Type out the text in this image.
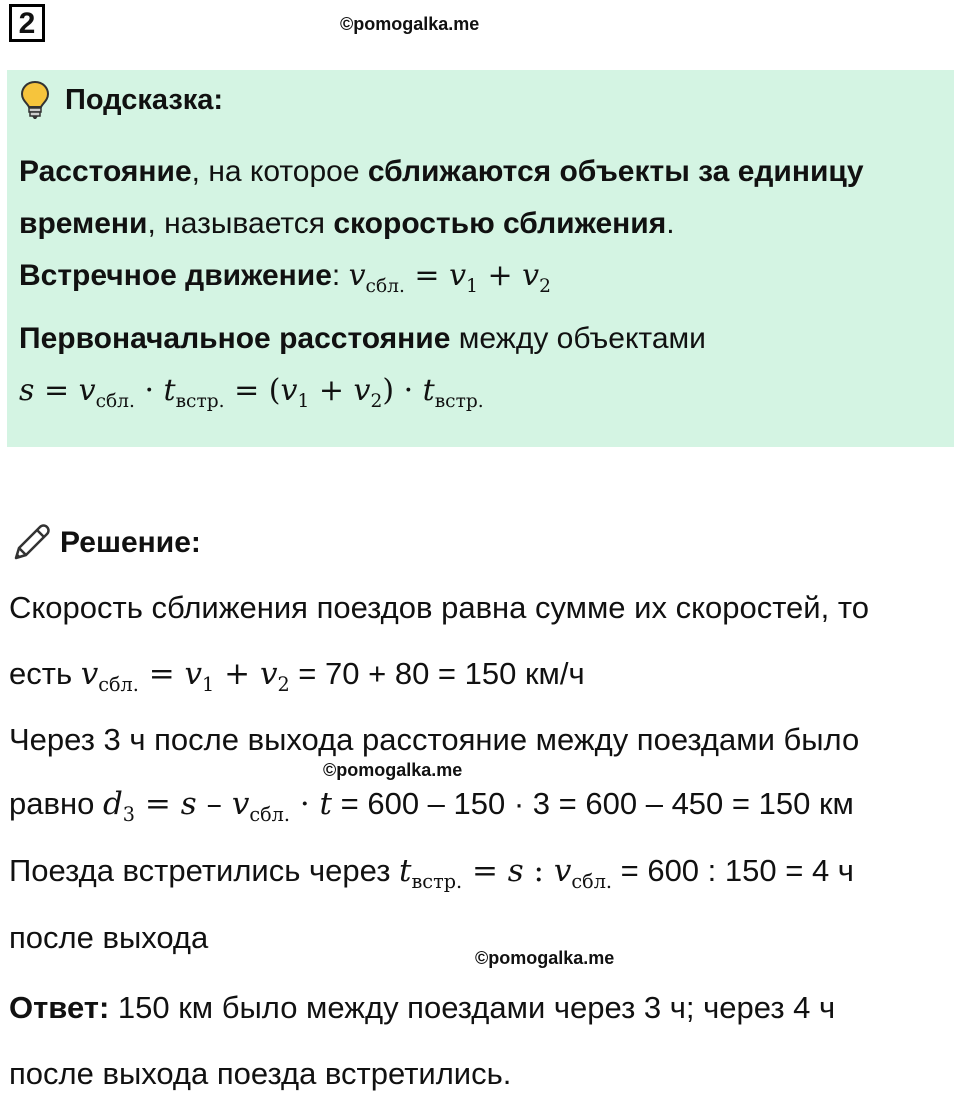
2	©pomogalka.me
Подсказка:

Расстояние, на которое сближаются объекты за единицу

времени, называется скоростью сближения.

Встречное движение: $v_{сбл.} = v_1 + v_2$

Первоначальное расстояние между объектами

$s = v_{сбл.} \cdot t_{встр.} = (v_1 + v_2) \cdot t_{встр.}$

Решение:
Скорость сближения поездов равна сумме их скоростей, то
есть $v_{сбл.} = v_1 + v_2 = 70 + 80 = 150$ км/ч
Через 3 ч после выхода расстояние между поездами было
©pomogalka.me
равно $d_3 = s - v_{сбл.} \cdot t = 600 - 150 \cdot 3 = 600 - 450 = 150$ км
Поезда встретились через $t_{встр.} = s$ : $v_{сбл.} = 600$ : 150 = 4 ч
после выхода
©pomogalka.me
Ответ: 150 км было между поездами через 3 ч; через 4 ч
после выхода поезда встретились.
